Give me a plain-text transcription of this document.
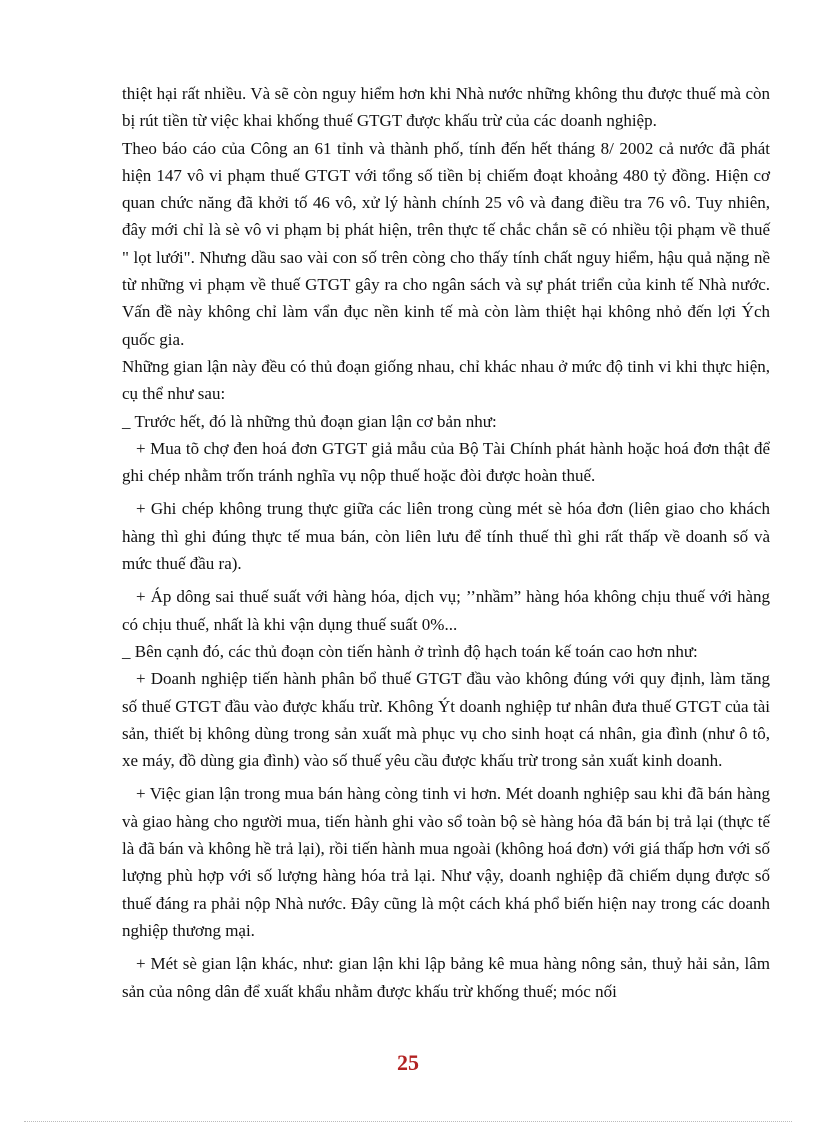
thiệt hại rất nhiều. Và sẽ còn nguy hiểm hơn khi Nhà nước những không thu được thuế mà còn bị rút tiền từ việc khai khống thuế GTGT được khấu trừ của các doanh nghiệp.

Theo báo cáo của Công an 61 tỉnh và thành phố, tính đến hết tháng 8/ 2002 cả nước đã phát hiện 147 vô vi phạm thuế GTGT với tổng số tiền bị chiếm đoạt khoảng 480 tỷ đồng. Hiện cơ quan chức năng đã khởi tố 46 vô, xử lý hành chính 25 vô và đang điều tra 76 vô. Tuy nhiên, đây mới chỉ là sè vô vi phạm bị phát hiện, trên thực tế chắc chắn sẽ có nhiều tội phạm về thuế " lọt lưới". Nhưng dầu sao vài con số trên còng cho thấy tính chất nguy hiểm, hậu quả nặng nề từ những vi phạm về thuế GTGT gây ra cho ngân sách và sự phát triển của kinh tế Nhà nước. Vấn đề này không chỉ làm vẩn đục nền kinh tế mà còn làm thiệt hại không nhỏ đến lợi Ých quốc gia.

Những gian lận này đều có thủ đoạn giống nhau, chỉ khác nhau ở mức độ tinh vi khi thực hiện, cụ thể như sau:

_ Trước hết, đó là những thủ đoạn gian lận cơ bản như:

+ Mua tõ chợ đen hoá đơn GTGT giả mẫu của Bộ Tài Chính phát hành hoặc hoá đơn thật để ghi chép nhằm trốn tránh nghĩa vụ nộp thuế hoặc đòi được hoàn thuế.

+ Ghi chép không trung thực giữa các liên trong cùng mét sè hóa đơn (liên giao cho khách hàng thì ghi đúng thực tế mua bán, còn liên lưu để tính thuế thì ghi rất thấp về doanh số và mức thuế đầu ra).

+ Áp dông sai thuế suất với hàng hóa, dịch vụ; ’’nhầm” hàng hóa không chịu thuế với hàng có chịu thuế, nhất là khi vận dụng thuế suất 0%...

_ Bên cạnh đó, các thủ đoạn còn tiến hành ở trình độ hạch toán kế toán cao hơn như:

+ Doanh nghiệp tiến hành phân bổ thuế GTGT đầu vào không đúng với quy định, làm tăng số thuế GTGT đầu vào được khấu trừ. Không Ýt doanh nghiệp tư nhân đưa thuế GTGT của tài sản, thiết bị không dùng trong sản xuất mà phục vụ cho sinh hoạt cá nhân, gia đình (như ô tô, xe máy, đồ dùng gia đình) vào số thuế yêu cầu được khấu trừ trong sản xuất kinh doanh.

+ Việc gian lận trong mua bán hàng còng tinh vi hơn. Mét doanh nghiệp sau khi đã bán hàng và giao hàng cho người mua, tiến hành ghi vào sổ toàn bộ sè hàng hóa đã bán bị trả lại (thực tế là đã bán và không hề trả lại), rồi tiến hành mua ngoài (không hoá đơn) với giá thấp hơn với số lượng phù hợp với số lượng hàng hóa trả lại. Như vậy, doanh nghiệp đã chiếm dụng được số thuế đáng ra phải nộp Nhà nước. Đây cũng là một cách khá phổ biến hiện nay trong các doanh nghiệp thương mại.

+ Mét sè gian lận khác, như: gian lận khi lập bảng kê mua hàng nông sản, thuỷ hải sản, lâm sản của nông dân để xuất khẩu nhằm được khấu trừ khống thuế; móc nối

25
